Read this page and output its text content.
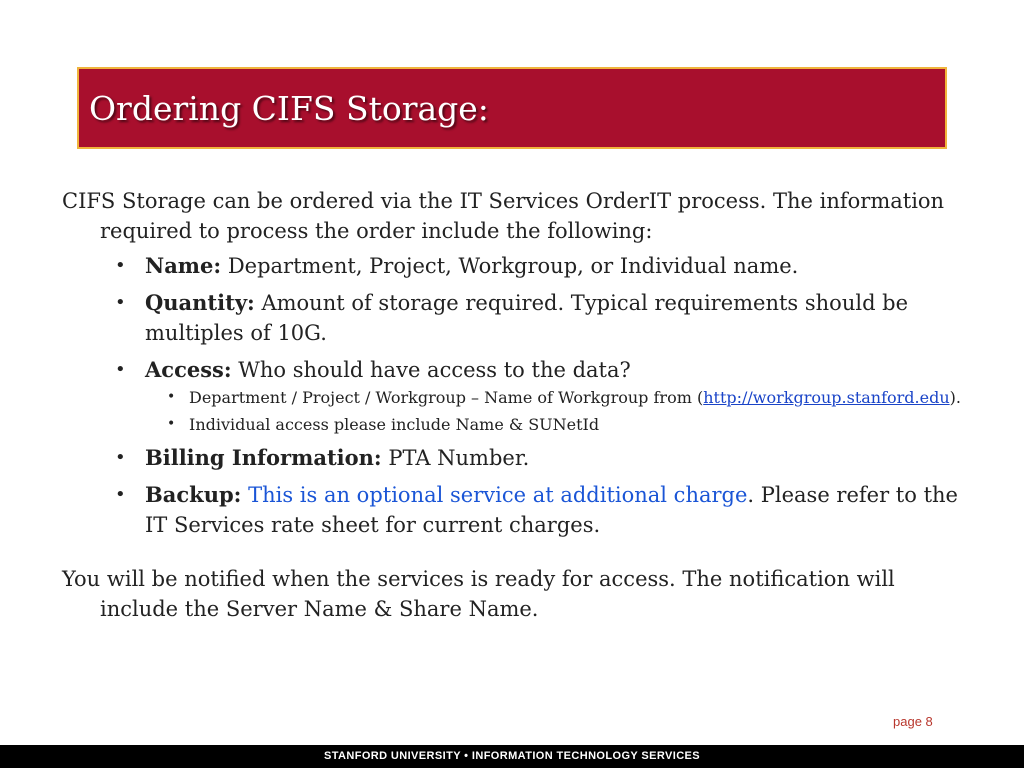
Ordering CIFS Storage:

CIFS Storage can be ordered via the IT Services OrderIT process. The information required to process the order include the following:

• Name: Department, Project, Workgroup, or Individual name.
• Quantity: Amount of storage required. Typical requirements should be multiples of 10G.
• Access: Who should have access to the data?
• Department / Project / Workgroup – Name of Workgroup from (http://workgroup.stanford.edu).
• Individual access please include Name & SUNetId
• Billing Information: PTA Number.
• Backup: This is an optional service at additional charge. Please refer to the IT Services rate sheet for current charges.

You will be notified when the services is ready for access. The notification will include the Server Name & Share Name.

page 8
STANFORD UNIVERSITY • INFORMATION TECHNOLOGY SERVICES
